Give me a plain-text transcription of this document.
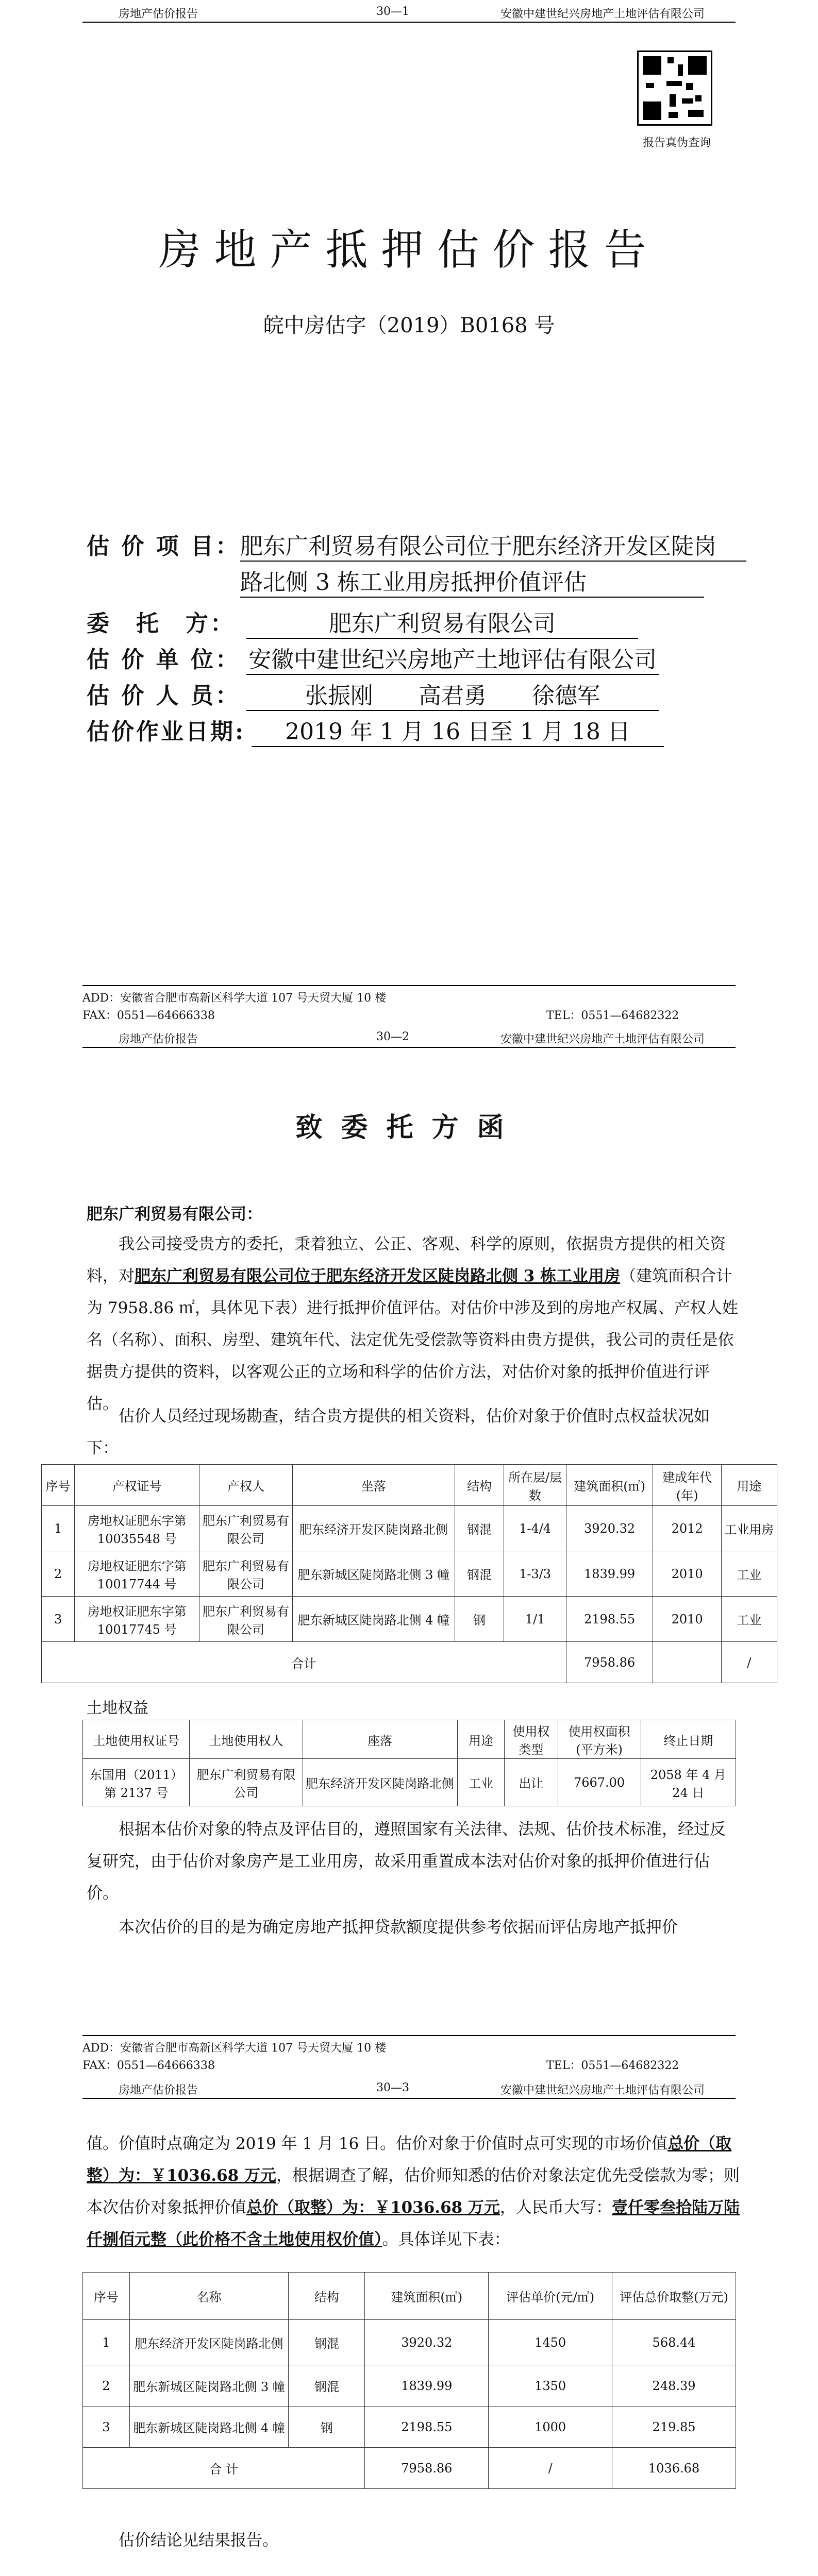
房地产估价报告	30—1	安徽中建世纪兴房地产土地评估有限公司
报告真伪查询
房地产抵押估价报告
皖中房估字（2019）B0168 号
估 价 项 目： 肥东广利贸易有限公司位于肥东经济开发区陡岗
路北侧 3 栋工业用房抵押价值评估
委　托　方：	肥东广利贸易有限公司
估 价 单 位： 安徽中建世纪兴房地产土地评估有限公司
估 价 人 员：	张振刚　　高君勇　　徐德军
估价作业日期:	2019 年 1 月 16 日至 1 月 18 日
ADD：安徽省合肥市高新区科学大道 107 号天贸大厦 10 楼
FAX：0551—64666338	TEL：0551—64682322
房地产估价报告	30—2	安徽中建世纪兴房地产土地评估有限公司
致委托方函
肥东广利贸易有限公司：
我公司接受贵方的委托，秉着独立、公正、客观、科学的原则，依据贵方提供的相关资料，对肥东广利贸易有限公司位于肥东经济开发区陡岗路北侧 3 栋工业用房（建筑面积合计为 7958.86 ㎡，具体见下表）进行抵押价值评估。对估价中涉及到的房地产权属、产权人姓名（名称）、面积、房型、建筑年代、法定优先受偿款等资料由贵方提供，我公司的责任是依据贵方提供的资料，以客观公正的立场和科学的估价方法，对估价对象的抵押价值进行评估。
估价人员经过现场勘查，结合贵方提供的相关资料，估价对象于价值时点权益状况如下：
序号	产权证号	产权人	坐落	结构	所在层/层数	建筑面积(㎡)	建成年代(年)	用途
1	房地权证肥东字第 10035548 号	肥东广利贸易有限公司	肥东经济开发区陡岗路北侧	钢混	1-4/4	3920.32	2012	工业用房
2	房地权证肥东字第 10017744 号	肥东广利贸易有限公司	肥东新城区陡岗路北侧 3 幢	钢混	1-3/3	1839.99	2010	工业
3	房地权证肥东字第 10017745 号	肥东广利贸易有限公司	肥东新城区陡岗路北侧 4 幢	钢	1/1	2198.55	2010	工业
合计						7958.86		/
土地权益
土地使用权证号	土地使用权人	座落	用途	使用权类型	使用权面积(平方米)	终止日期
东国用（2011）第 2137 号	肥东广利贸易有限公司	肥东经济开发区陡岗路北侧	工业	出让	7667.00	2058 年 4 月 24 日
根据本估价对象的特点及评估目的，遵照国家有关法律、法规、估价技术标准，经过反复研究，由于估价对象房产是工业用房，故采用重置成本法对估价对象的抵押价值进行估价。
本次估价的目的是为确定房地产抵押贷款额度提供参考依据而评估房地产抵押价
ADD：安徽省合肥市高新区科学大道 107 号天贸大厦 10 楼
FAX：0551—64666338	TEL：0551—64682322
房地产估价报告	30—3	安徽中建世纪兴房地产土地评估有限公司
值。价值时点确定为 2019 年 1 月 16 日。估价对象于价值时点可实现的市场价值总价（取整）为：￥1036.68 万元，根据调查了解，估价师知悉的估价对象法定优先受偿款为零；则本次估价对象抵押价值总价（取整）为：￥1036.68 万元，人民币大写：壹仟零叁拾陆万陆仟捌佰元整（此价格不含土地使用权价值）。具体详见下表：
序号	名称	结构	建筑面积(㎡)	评估单价(元/㎡)	评估总价取整(万元)
1	肥东经济开发区陡岗路北侧	钢混	3920.32	1450	568.44
2	肥东新城区陡岗路北侧 3 幢	钢混	1839.99	1350	248.39
3	肥东新城区陡岗路北侧 4 幢	钢	2198.55	1000	219.85
合 计			7958.86	/	1036.68
估价结论见结果报告。
